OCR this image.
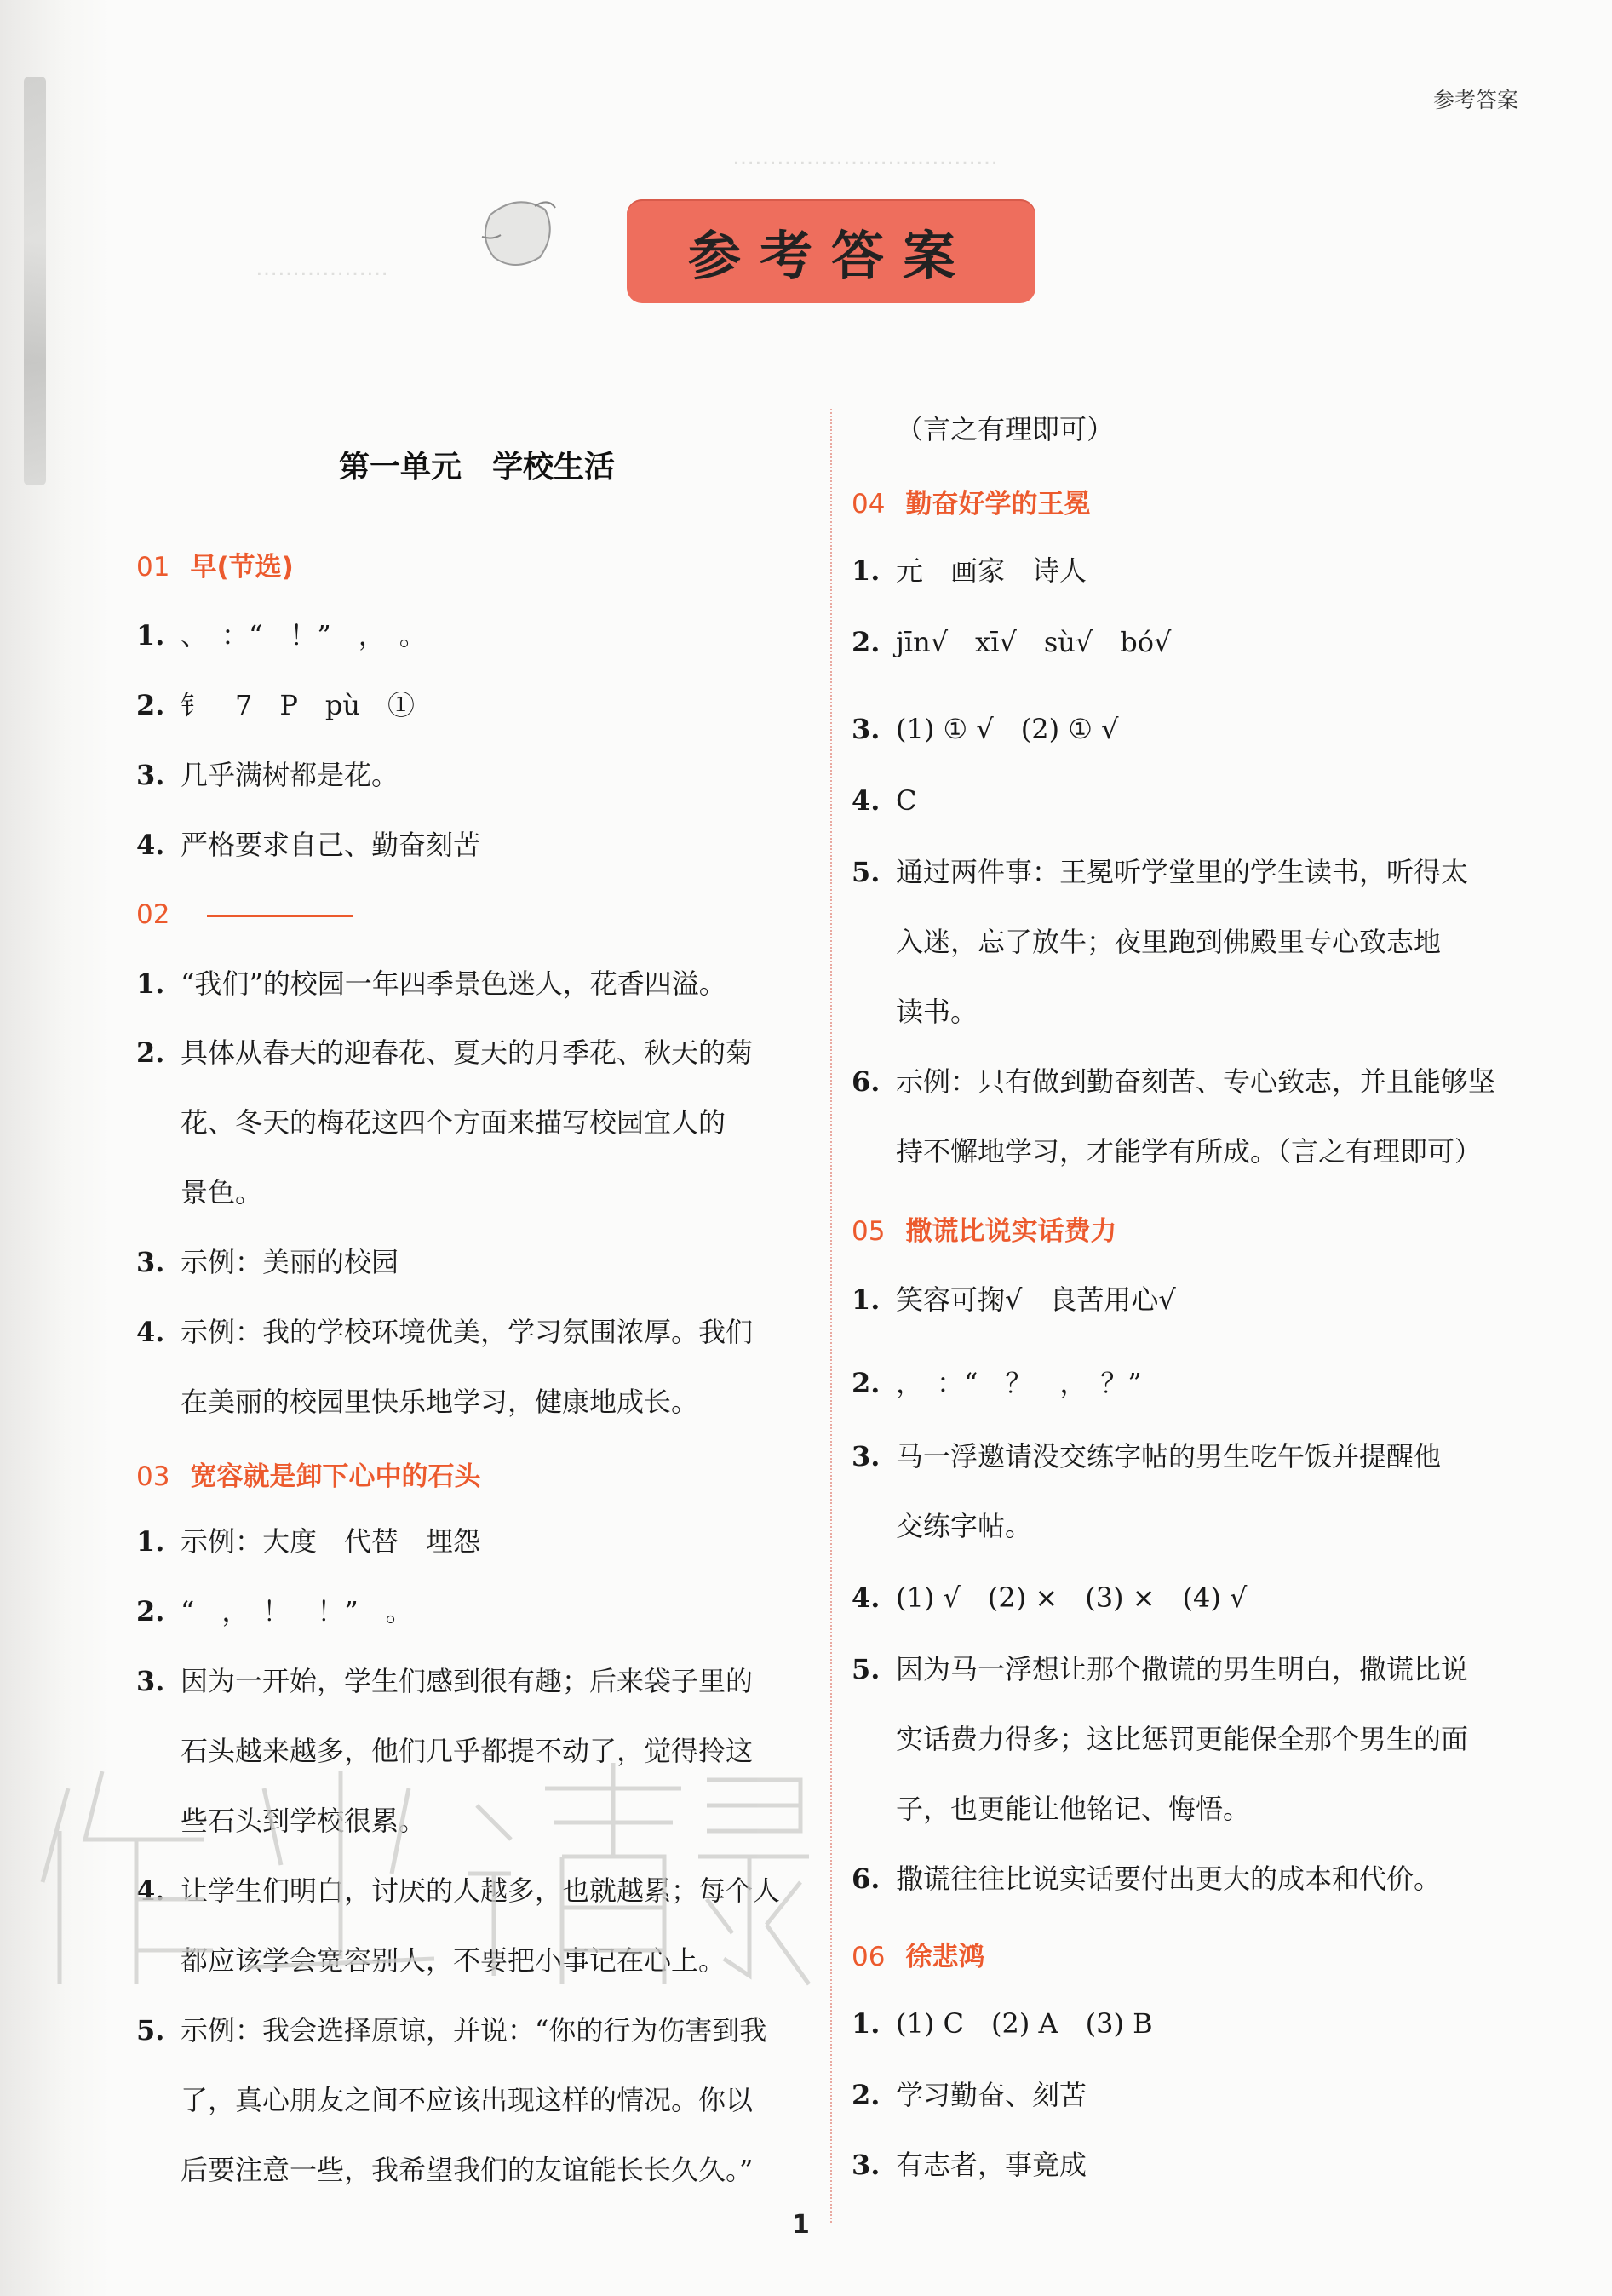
………………………………
………………
参考答案
参考答案
第一单元　学校生活
01 早(节选)
1. 、　：“　！”　，　。
2. 钅　7　P　pù　①
3. 几乎满树都是花。
4. 严格要求自己、勤奋刻苦
02
1. “我们”的校园一年四季景色迷人，花香四溢。
2. 具体从春天的迎春花、夏天的月季花、秋天的菊
花、冬天的梅花这四个方面来描写校园宜人的
景色。
3. 示例：美丽的校园
4. 示例：我的学校环境优美，学习氛围浓厚。我们
在美丽的校园里快乐地学习，健康地成长。
03 宽容就是卸下心中的石头
1. 示例：大度　代替　埋怨
2. “　，　！　！”　。
3. 因为一开始，学生们感到很有趣；后来袋子里的
石头越来越多，他们几乎都提不动了，觉得拎这
些石头到学校很累。
4. 让学生们明白，讨厌的人越多，也就越累；每个人
都应该学会宽容别人，不要把小事记在心上。
5. 示例：我会选择原谅，并说：“你的行为伤害到我
了，真心朋友之间不应该出现这样的情况。你以
后要注意一些，我希望我们的友谊能长长久久。”
（言之有理即可）
04 勤奋好学的王冕
1. 元　画家　诗人
2. jīn√　xī√　sù√　bó√
3. (1) ① √　(2) ① √
4. C
5. 通过两件事：王冕听学堂里的学生读书，听得太
入迷，忘了放牛；夜里跑到佛殿里专心致志地
读书。
6. 示例：只有做到勤奋刻苦、专心致志，并且能够坚
持不懈地学习，才能学有所成。（言之有理即可）
05 撒谎比说实话费力
1. 笑容可掬√　良苦用心√
2. ，　：“　？　，　？”
3. 马一浮邀请没交练字帖的男生吃午饭并提醒他
交练字帖。
4. (1) √　(2) ×　(3) ×　(4) √
5. 因为马一浮想让那个撒谎的男生明白，撒谎比说
实话费力得多；这比惩罚更能保全那个男生的面
子，也更能让他铭记、悔悟。
6. 撒谎往往比说实话要付出更大的成本和代价。
06 徐悲鸿
1. (1) C　(2) A　(3) B
2. 学习勤奋、刻苦
3. 有志者，事竟成
1
